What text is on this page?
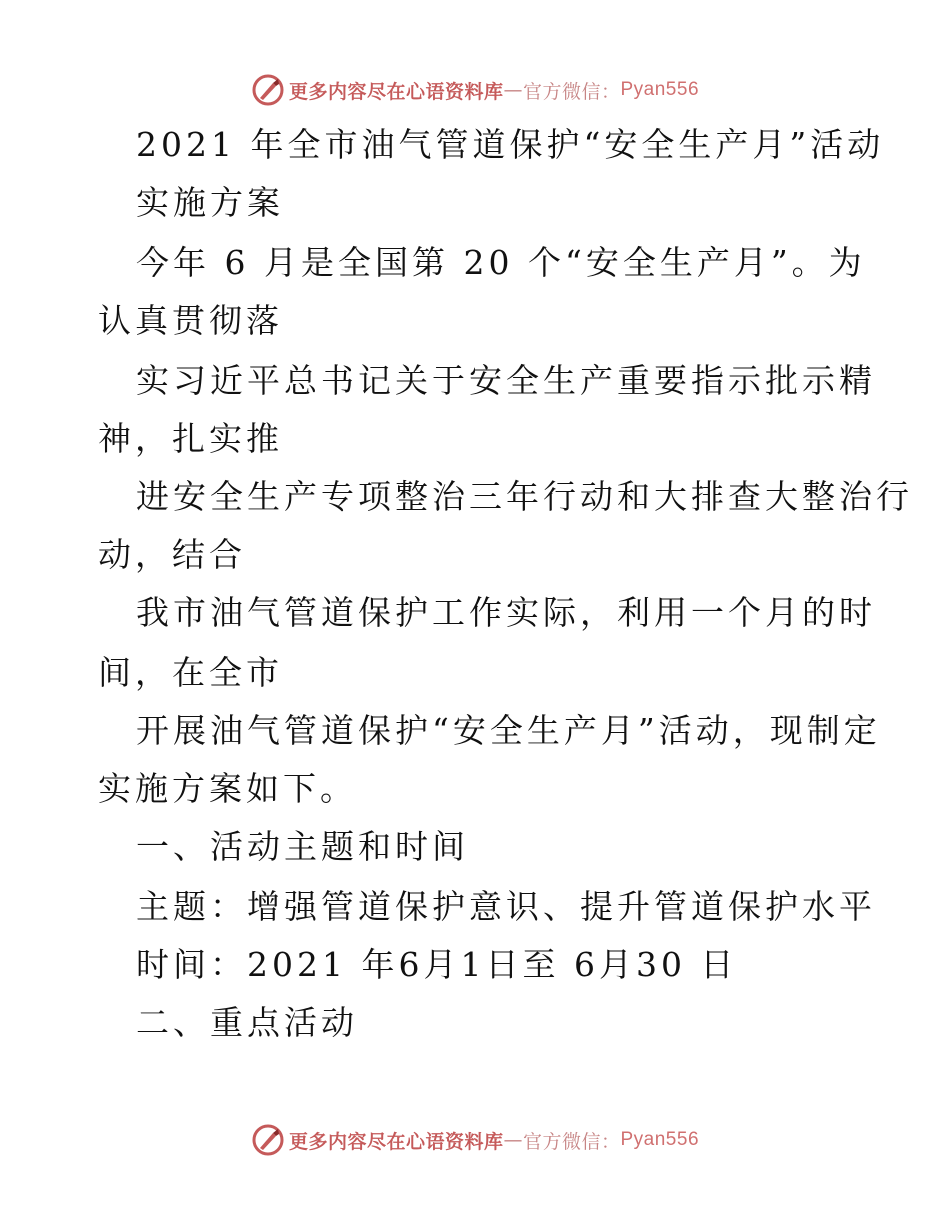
更多内容尽在心语资料库 — 官方微信： Pyan556
2021 年全市油气管道保护“安全生产月”活动
实施方案
今年 6 月是全国第 20 个“安全生产月”。为
认真贯彻落
实习近平总书记关于安全生产重要指示批示精
神，扎实推
进安全生产专项整治三年行动和大排查大整治行
动，结合
我市油气管道保护工作实际，利用一个月的时
间，在全市
开展油气管道保护“安全生产月”活动，现制定
实施方案如下。
一、活动主题和时间
主题：增强管道保护意识、提升管道保护水平
时间：2021 年6月1日至 6月30 日
二、重点活动
更多内容尽在心语资料库 — 官方微信： Pyan556
